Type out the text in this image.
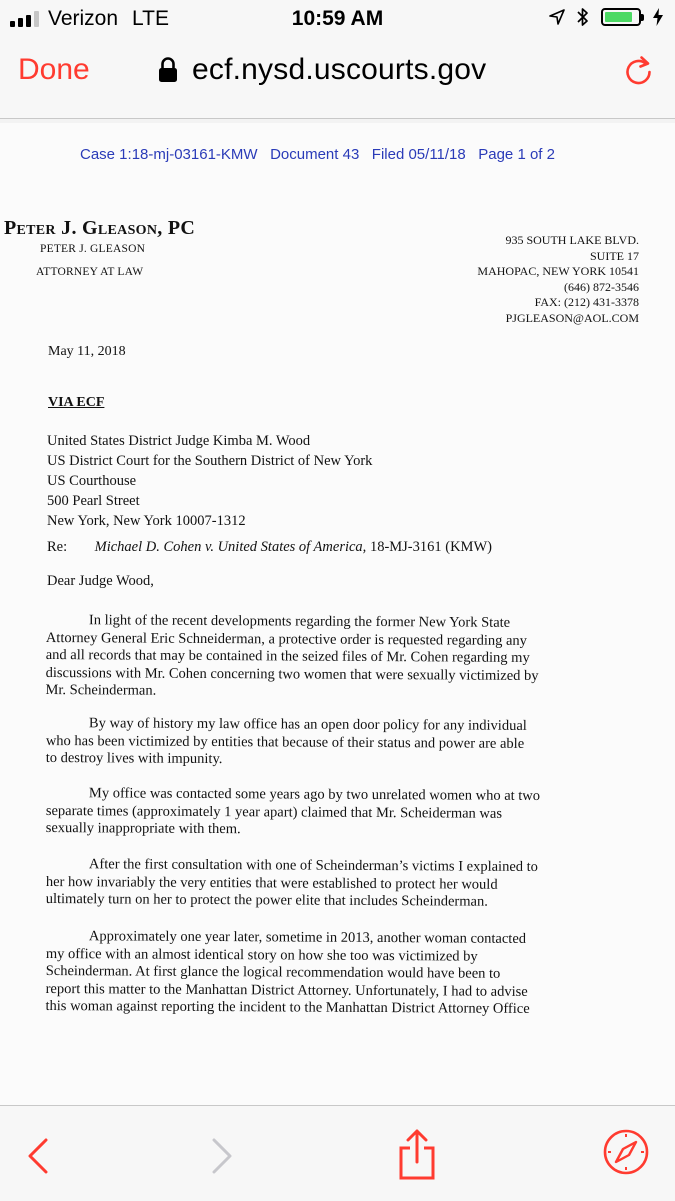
Verizon LTE	10:59 AM
Done	ecf.nysd.uscourts.gov
Case 1:18-mj-03161-KMW   Document 43   Filed 05/11/18   Page 1 of 2
Peter J. Gleason, PC
PETER J. GLEASON
ATTORNEY AT LAW
935 SOUTH LAKE BLVD.
SUITE 17
MAHOPAC, NEW YORK 10541
(646) 872-3546
FAX: (212) 431-3378
PJGLEASON@AOL.COM
May 11, 2018
VIA ECF
United States District Judge Kimba M. Wood
US District Court for the Southern District of New York
US Courthouse
500 Pearl Street
New York, New York 10007-1312
Re: Michael D. Cohen v. United States of America, 18-MJ-3161 (KMW)
Dear Judge Wood,
In light of the recent developments regarding the former New York State
Attorney General Eric Schneiderman, a protective order is requested regarding any
and all records that may be contained in the seized files of Mr. Cohen regarding my
discussions with Mr. Cohen concerning two women that were sexually victimized by
Mr. Scheinderman.
By way of history my law office has an open door policy for any individual
who has been victimized by entities that because of their status and power are able
to destroy lives with impunity.
My office was contacted some years ago by two unrelated women who at two
separate times (approximately 1 year apart) claimed that Mr. Scheiderman was
sexually inappropriate with them.
After the first consultation with one of Scheinderman’s victims I explained to
her how invariably the very entities that were established to protect her would
ultimately turn on her to protect the power elite that includes Scheinderman.
Approximately one year later, sometime in 2013, another woman contacted
my office with an almost identical story on how she too was victimized by
Scheinderman. At first glance the logical recommendation would have been to
report this matter to the Manhattan District Attorney. Unfortunately, I had to advise
this woman against reporting the incident to the Manhattan District Attorney Office
